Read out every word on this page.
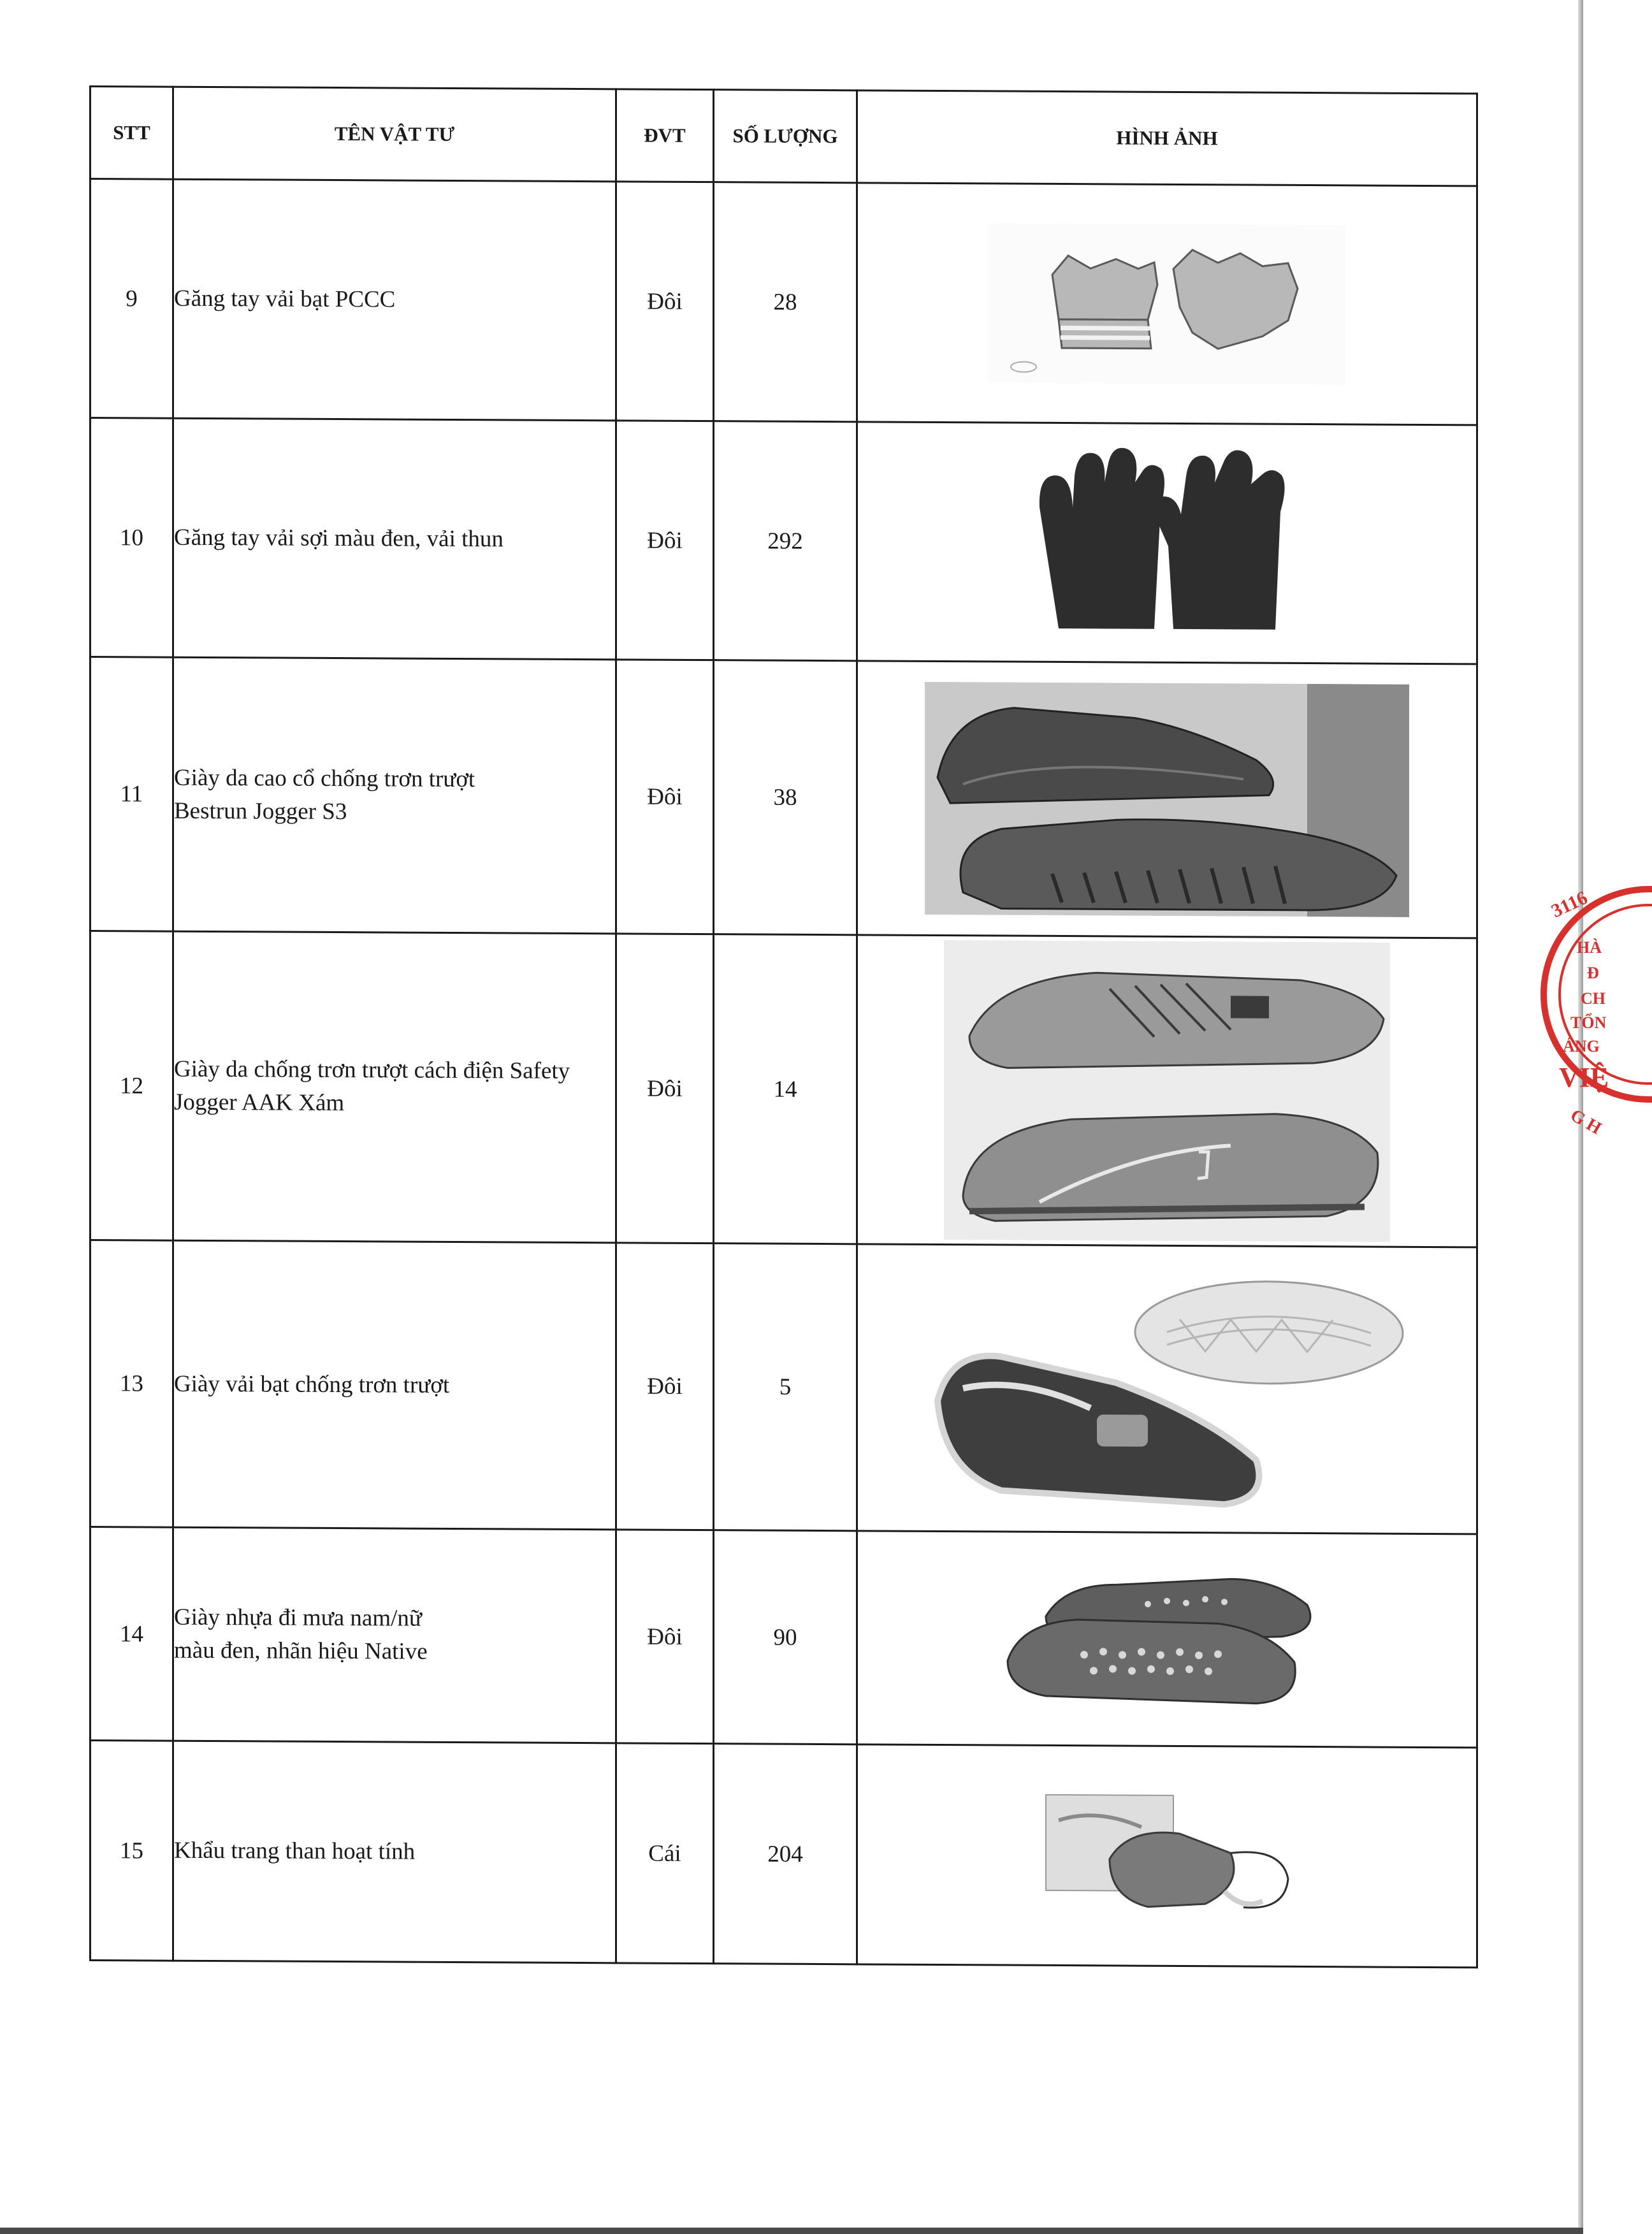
STT	TÊN VẬT TƯ	ĐVT	SỐ LƯỢNG	HÌNH ẢNH
9	Găng tay vải bạt PCCC	Đôi	28	

10	Găng tay vải sợi màu đen, vải thun	Đôi	292	

11	Giày da cao cổ chống trơn trượt
Bestrun Jogger S3	Đôi	38	

12	Giày da chống trơn trượt cách điện Safety
Jogger AAK Xám	Đôi	14	

13	Giày vải bạt chống trơn trượt	Đôi	5	

14	Giày nhựa đi mưa nam/nữ
màu đen, nhãn hiệu Native	Đôi	90	

15	Khẩu trang than hoạt tính	Cái	204	
3116
HÀ
Đ
CH
TỔN
ÁNG
VIỆ
G H
